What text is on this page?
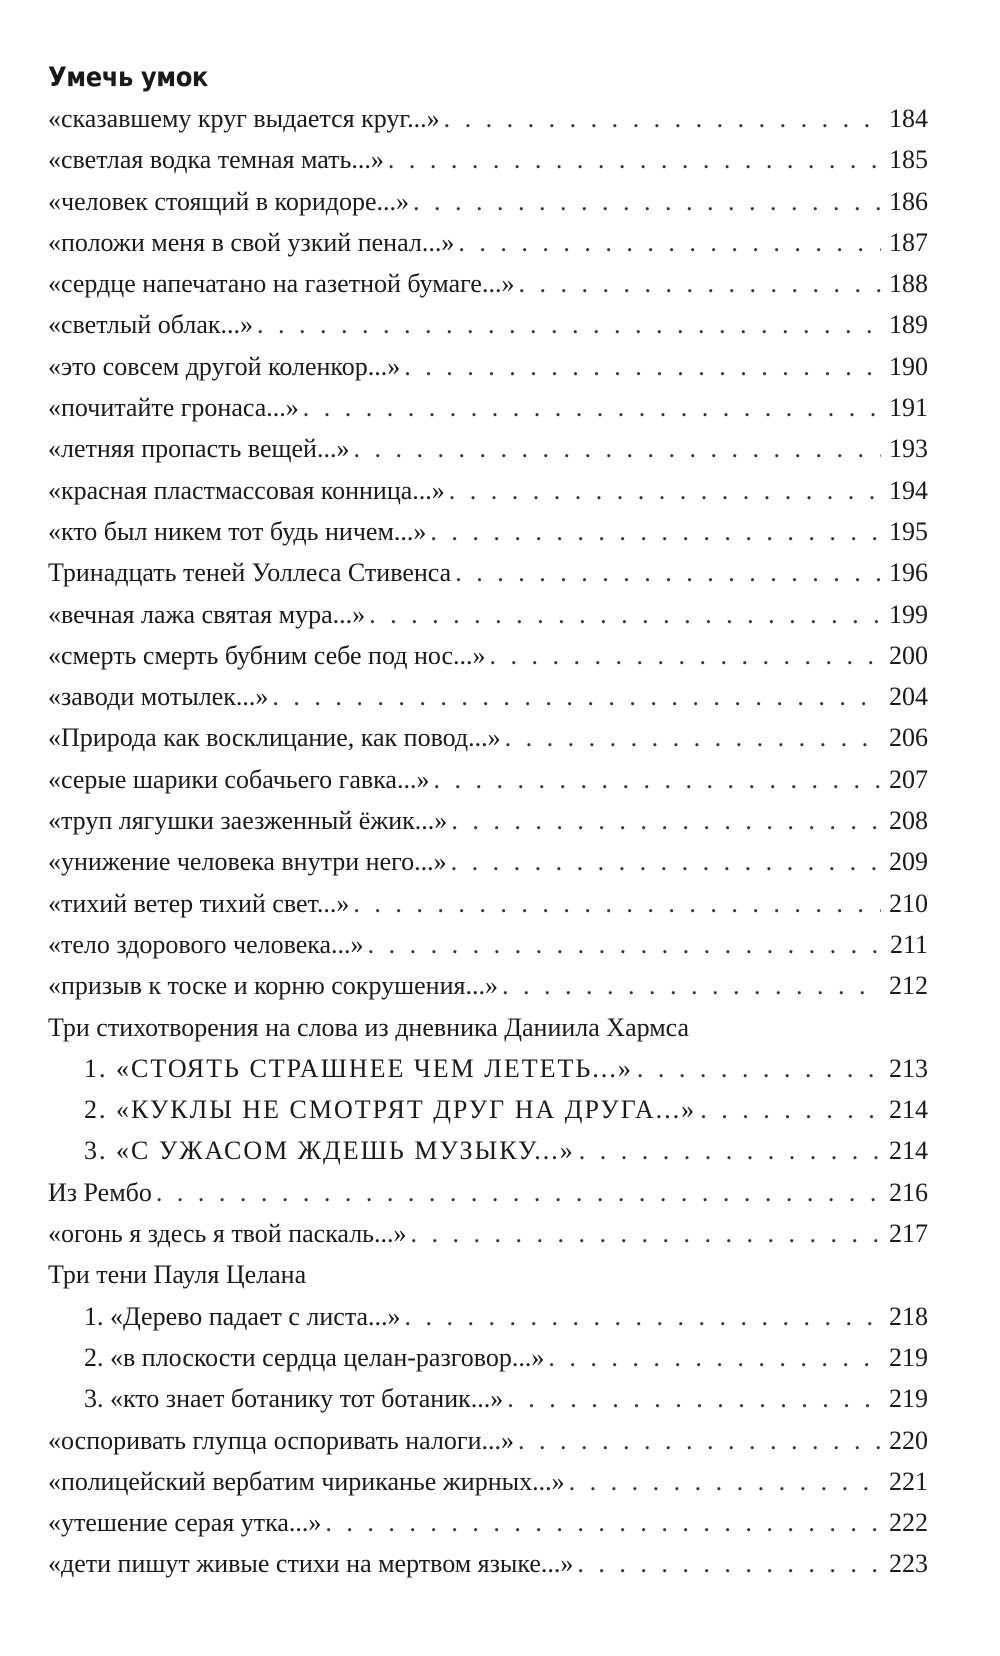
Умечь умок
«сказавшему круг выдается круг...» . . .	184
«светлая водка темная мать...» . . .	185
«человек стоящий в коридоре...» . . .	186
«положи меня в свой узкий пенал...» . . .	187
«сердце напечатано на газетной бумаге...» . . .	188
«светлый облак...» . . .	189
«это совсем другой коленкор...» . . .	190
«почитайте гронаса...» . . .	191
«летняя пропасть вещей...» . . .	193
«красная пластмассовая конница...» . . .	194
«кто был никем тот будь ничем...» . . .	195
Тринадцать теней Уоллеса Стивенса . . .	196
«вечная лажа святая мура...» . . .	199
«смерть смерть бубним себе под нос...» . . .	200
«заводи мотылек...» . . .	204
«Природа как восклицание, как повод...» . . .	206
«серые шарики собачьего гавка...» . . .	207
«труп лягушки заезженный ёжик...» . . .	208
«унижение человека внутри него...» . . .	209
«тихий ветер тихий свет...» . . .	210
«тело здорового человека...» . . .	211
«призыв к тоске и корню сокрушения...» . . .	212
Три стихотворения на слова из дневника Даниила Хармса
1. «СТОЯТЬ СТРАШНЕЕ ЧЕМ ЛЕТЕТЬ...» . . .	213
2. «КУКЛЫ НЕ СМОТРЯТ ДРУГ НА ДРУГА...» . . .	214
3. «С УЖАСОМ ЖДЕШЬ МУЗЫКУ...» . . .	214
Из Рембо . . .	216
«огонь я здесь я твой паскаль...» . . .	217
Три тени Пауля Целана
1. «Дерево падает с листа...» . . .	218
2. «в плоскости сердца целан-разговор...» . . .	219
3. «кто знает ботанику тот ботаник...» . . .	219
«оспоривать глупца оспоривать налоги...» . . .	220
«полицейский вербатим чириканье жирных...» . . .	221
«утешение серая утка...» . . .	222
«дети пишут живые стихи на мертвом языке...» . . .	223
